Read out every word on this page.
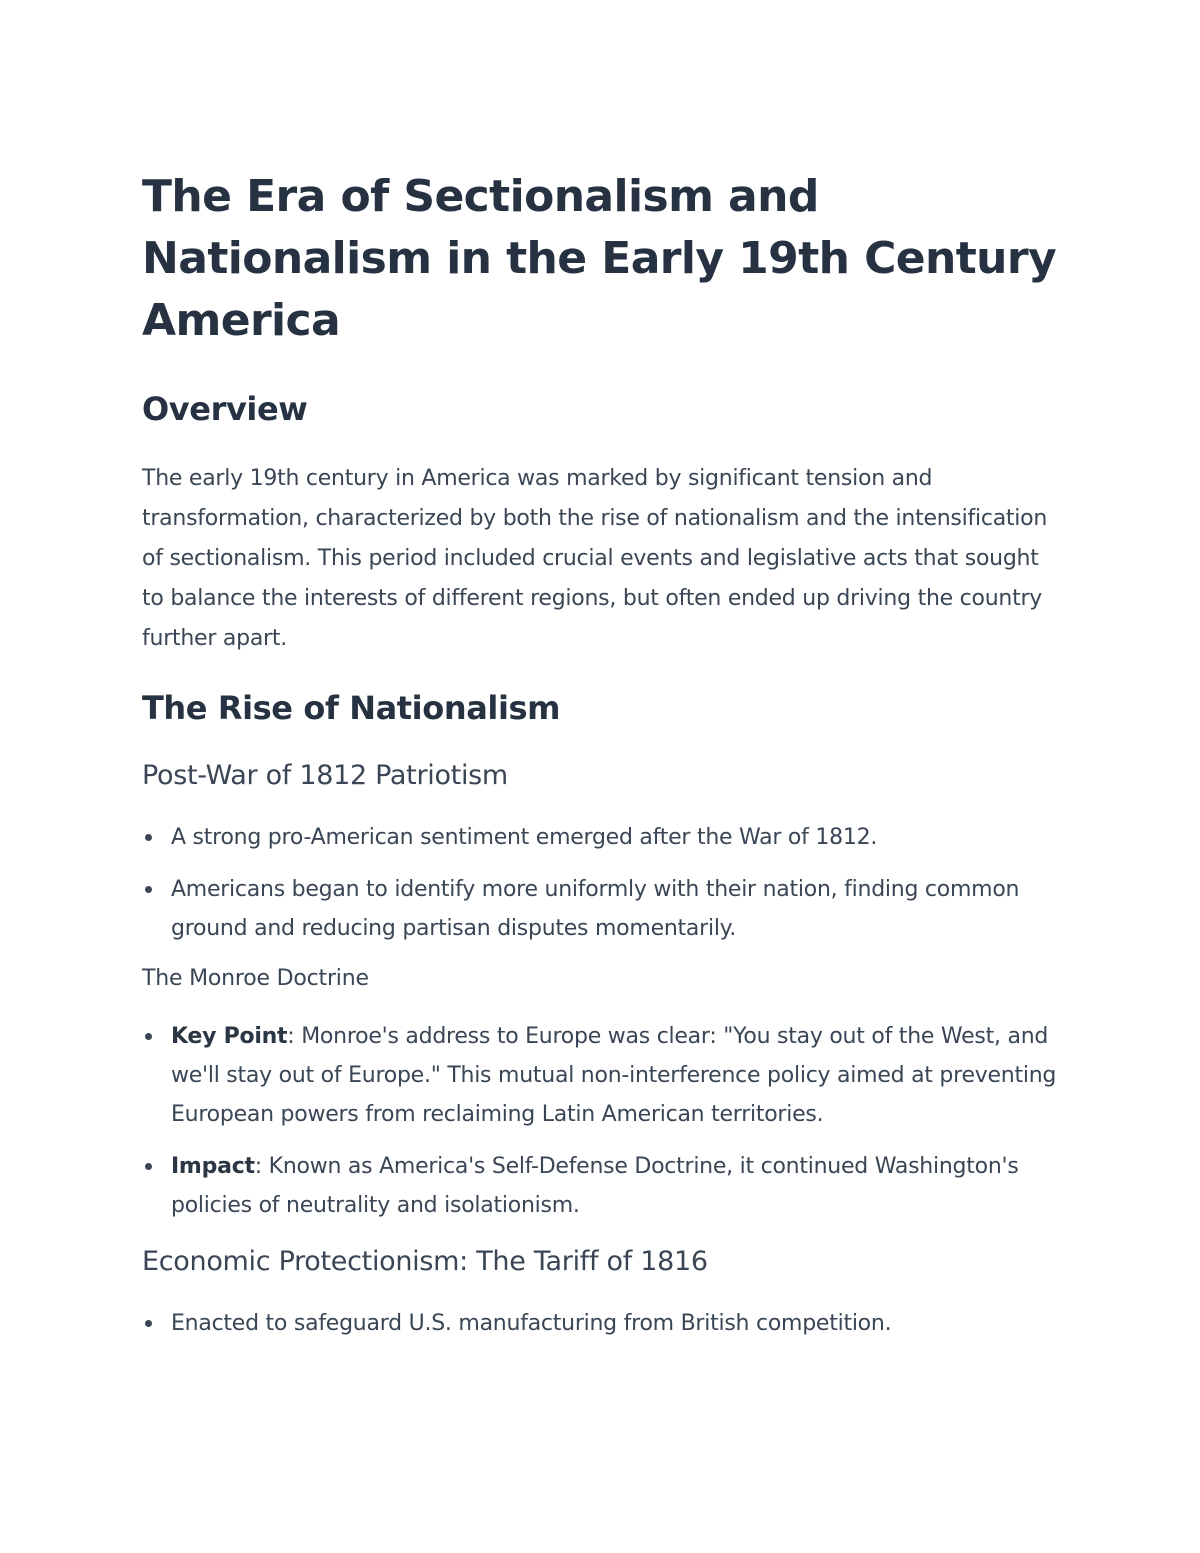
The Era of Sectionalism and Nationalism in the Early 19th Century America
Overview

The early 19th century in America was marked by significant tension and transformation, characterized by both the rise of nationalism and the intensification of sectionalism. This period included crucial events and legislative acts that sought to balance the interests of different regions, but often ended up driving the country further apart.

The Rise of Nationalism
Post-War of 1812 Patriotism
A strong pro-American sentiment emerged after the War of 1812.
Americans began to identify more uniformly with their nation, finding common ground and reducing partisan disputes momentarily.
The Monroe Doctrine
Key Point: Monroe's address to Europe was clear: "You stay out of the West, and we'll stay out of Europe." This mutual non-interference policy aimed at preventing European powers from reclaiming Latin American territories.
Impact: Known as America's Self-Defense Doctrine, it continued Washington's policies of neutrality and isolationism.
Economic Protectionism: The Tariff of 1816
Enacted to safeguard U.S. manufacturing from British competition.
